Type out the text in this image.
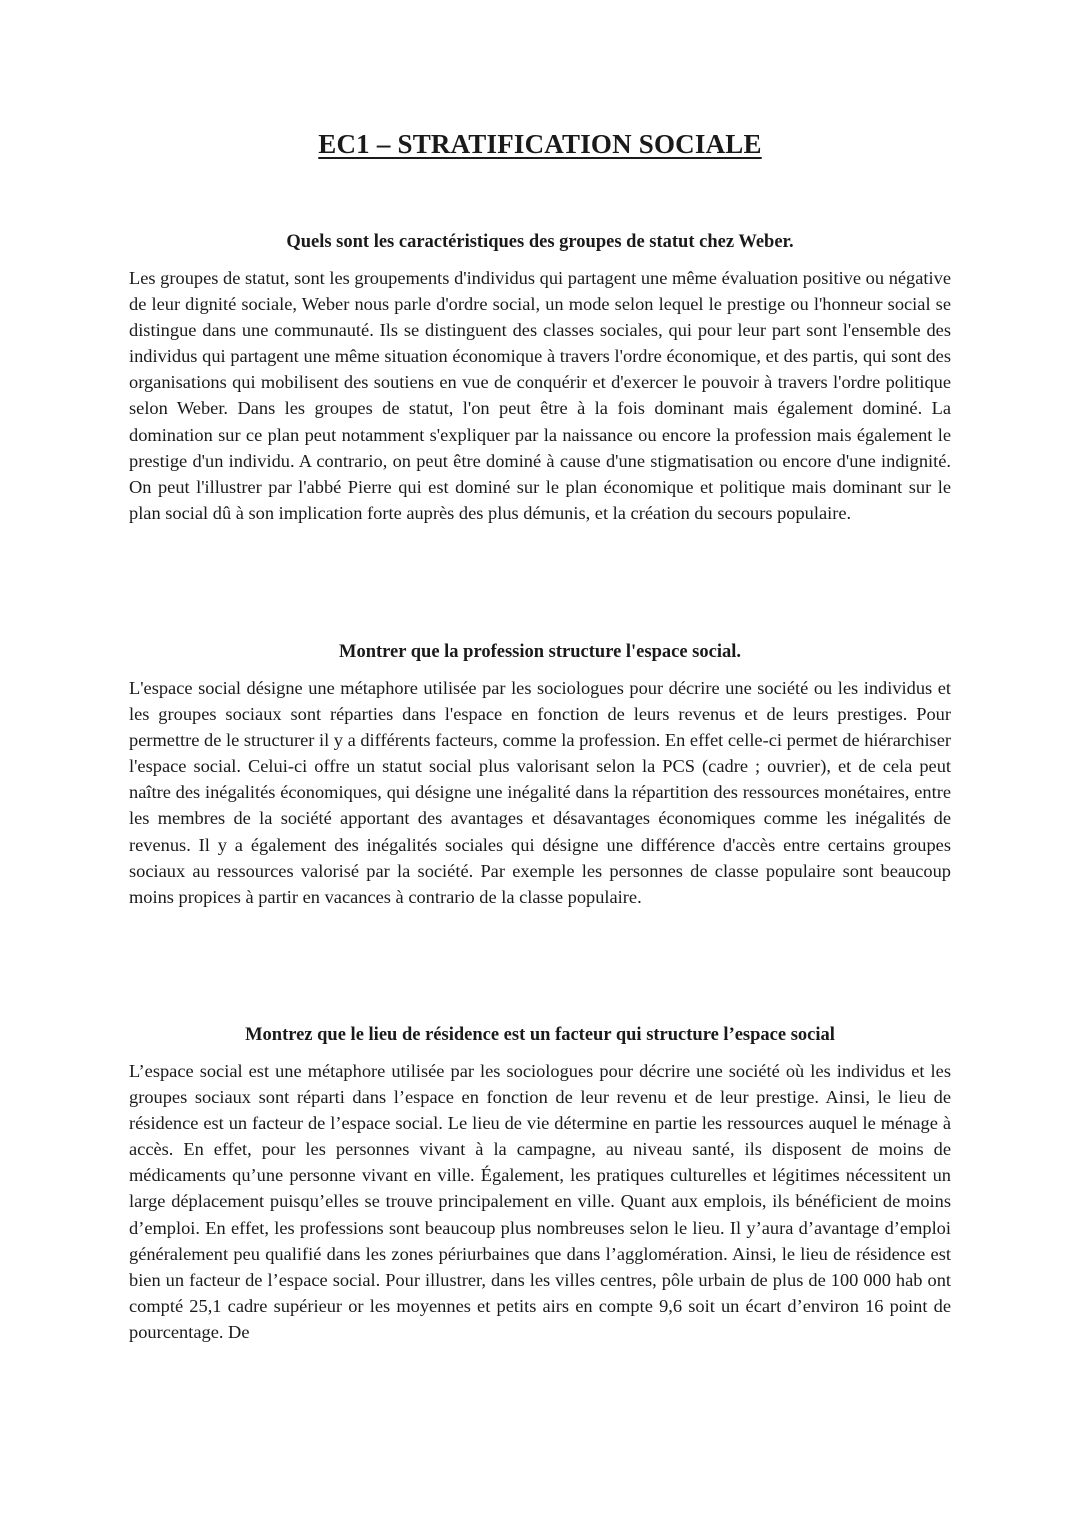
EC1 – STRATIFICATION SOCIALE
Quels sont les caractéristiques des groupes de statut chez Weber.

Les groupes de statut, sont les groupements d'individus qui partagent une même évaluation positive ou négative de leur dignité sociale, Weber nous parle d'ordre social, un mode selon lequel le prestige ou l'honneur social se distingue dans une communauté. Ils se distinguent des classes sociales, qui pour leur part sont l'ensemble des individus qui partagent une même situation économique à travers l'ordre économique, et des partis, qui sont des organisations qui mobilisent des soutiens en vue de conquérir et d'exercer le pouvoir à travers l'ordre politique selon Weber. Dans les groupes de statut, l'on peut être à la fois dominant mais également dominé. La domination sur ce plan peut notamment s'expliquer par la naissance ou encore la profession mais également le prestige d'un individu. A contrario, on peut être dominé à cause d'une stigmatisation ou encore d'une indignité. On peut l'illustrer par l'abbé Pierre qui est dominé sur le plan économique et politique mais dominant sur le plan social dû à son implication forte auprès des plus démunis, et la création du secours populaire.

Montrer que la profession structure l'espace social.

L'espace social désigne une métaphore utilisée par les sociologues pour décrire une société ou les individus et les groupes sociaux sont réparties dans l'espace en fonction de leurs revenus et de leurs prestiges. Pour permettre de le structurer il y a différents facteurs, comme la profession. En effet celle-ci permet de hiérarchiser l'espace social. Celui-ci offre un statut social plus valorisant selon la PCS (cadre ; ouvrier), et de cela peut naître des inégalités économiques, qui désigne une inégalité dans la répartition des ressources monétaires, entre les membres de la société apportant des avantages et désavantages économiques comme les inégalités de revenus. Il y a également des inégalités sociales qui désigne une différence d'accès entre certains groupes sociaux au ressources valorisé par la société. Par exemple les personnes de classe populaire sont beaucoup moins propices à partir en vacances à contrario de la classe populaire.

Montrez que le lieu de résidence est un facteur qui structure l’espace social

L’espace social est une métaphore utilisée par les sociologues pour décrire une société où les individus et les groupes sociaux sont réparti dans l’espace en fonction de leur revenu et de leur prestige. Ainsi, le lieu de résidence est un facteur de l’espace social. Le lieu de vie détermine en partie les ressources auquel le ménage à accès. En effet, pour les personnes vivant à la campagne, au niveau santé, ils disposent de moins de médicaments qu’une personne vivant en ville. Également, les pratiques culturelles et légitimes nécessitent un large déplacement puisqu’elles se trouve principalement en ville. Quant aux emplois, ils bénéficient de moins d’emploi. En effet, les professions sont beaucoup plus nombreuses selon le lieu. Il y’aura d’avantage d’emploi généralement peu qualifié dans les zones périurbaines que dans l’agglomération. Ainsi, le lieu de résidence est bien un facteur de l’espace social. Pour illustrer, dans les villes centres, pôle urbain de plus de 100 000 hab ont compté 25,1 cadre supérieur or les moyennes et petits airs en compte 9,6 soit un écart d’environ 16 point de pourcentage. De
